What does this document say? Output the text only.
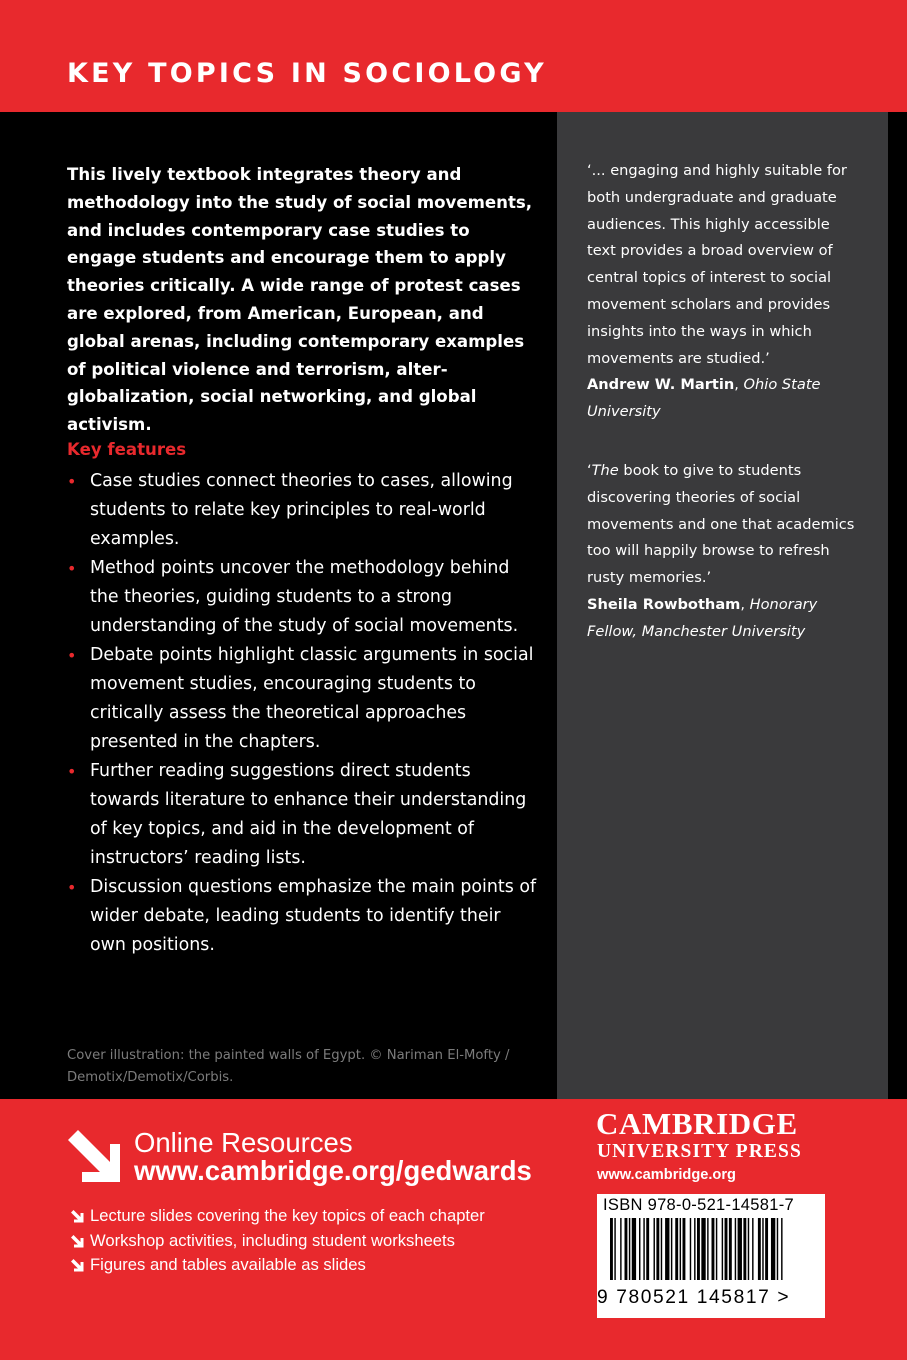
KEY TOPICS IN SOCIOLOGY

This lively textbook integrates theory and methodology into the study of social movements, and includes contemporary case studies to engage students and encourage them to apply theories critically. A wide range of protest cases are explored, from American, European, and global arenas, including contemporary examples of political violence and terrorism, alter-globalization, social networking, and global activism.

Key features

• Case studies connect theories to cases, allowing students to relate key principles to real-world examples.
• Method points uncover the methodology behind the theories, guiding students to a strong understanding of the study of social movements.
• Debate points highlight classic arguments in social movement studies, encouraging students to critically assess the theoretical approaches presented in the chapters.
• Further reading suggestions direct students towards literature to enhance their understanding of key topics, and aid in the development of instructors’ reading lists.
• Discussion questions emphasize the main points of wider debate, leading students to identify their own positions.

Cover illustration: the painted walls of Egypt. © Nariman El-Mofty / Demotix/Demotix/Corbis.

‘... engaging and highly suitable for both undergraduate and graduate audiences. This highly accessible text provides a broad overview of central topics of interest to social movement scholars and provides insights into the ways in which movements are studied.’

Andrew W. Martin, Ohio State University

‘The book to give to students discovering theories of social movements and one that academics too will happily browse to refresh rusty memories.’

Sheila Rowbotham, Honorary Fellow, Manchester University

Online Resources

www.cambridge.org/gedwards

Lecture slides covering the key topics of each chapter
Workshop activities, including student worksheets
Figures and tables available as slides

CAMBRIDGE

UNIVERSITY PRESS

www.cambridge.org

ISBN 978-0-521-14581-7

9 780521 145817 >
